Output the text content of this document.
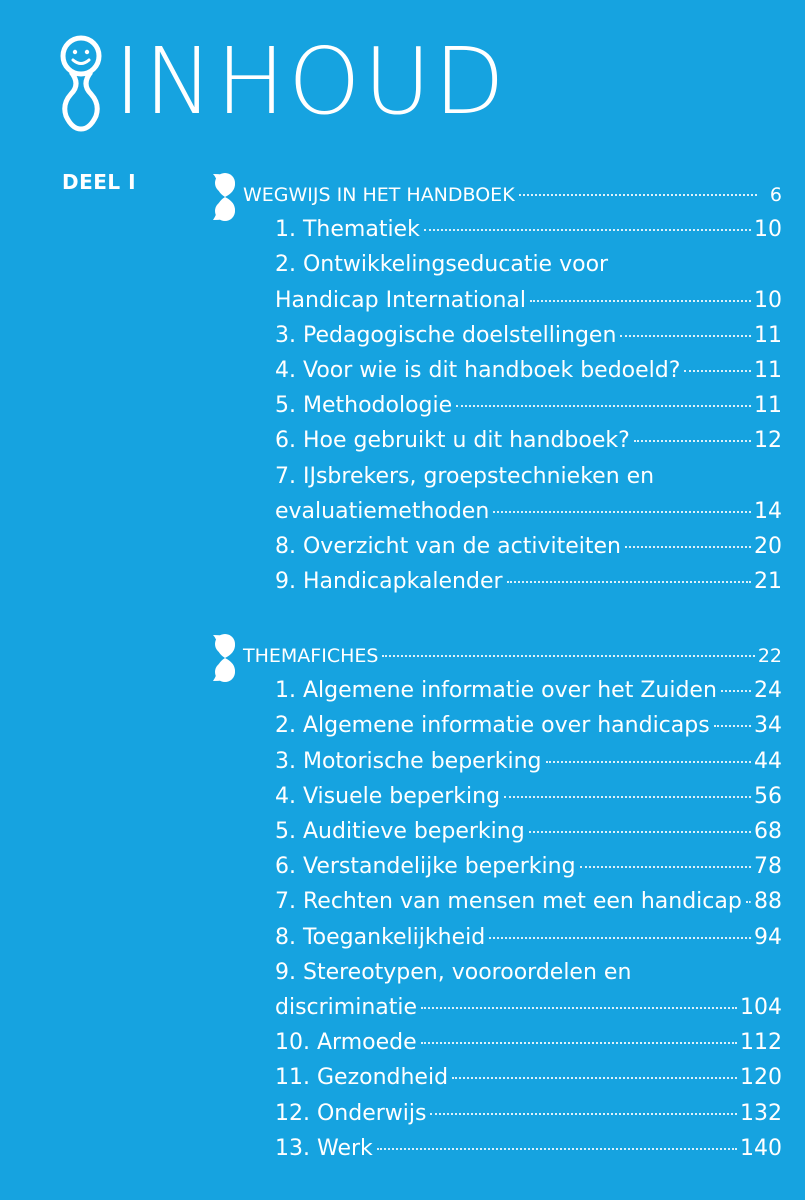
INHOUD
DEEL I
WEGWIJS IN HET HANDBOEK	6
1. Thematiek	10
2. Ontwikkelingseducatie voor
Handicap International	10
3. Pedagogische doelstellingen	11
4. Voor wie is dit handboek bedoeld?	11
5. Methodologie	11
6. Hoe gebruikt u dit handboek?	12
7. IJsbrekers, groepstechnieken en
evaluatiemethoden	14
8. Overzicht van de activiteiten	20
9. Handicapkalender	21
THEMAFICHES	22
1. Algemene informatie over het Zuiden 24
2. Algemene informatie over handicaps 34
3. Motorische beperking	44
4. Visuele beperking	56
5. Auditieve beperking	68
6. Verstandelijke beperking	78
7. Rechten van mensen met een handicap 88
8. Toegankelijkheid	94
9. Stereotypen, vooroordelen en
discriminatie	104
10. Armoede	112
11. Gezondheid	120
12. Onderwijs	132
13. Werk	140
